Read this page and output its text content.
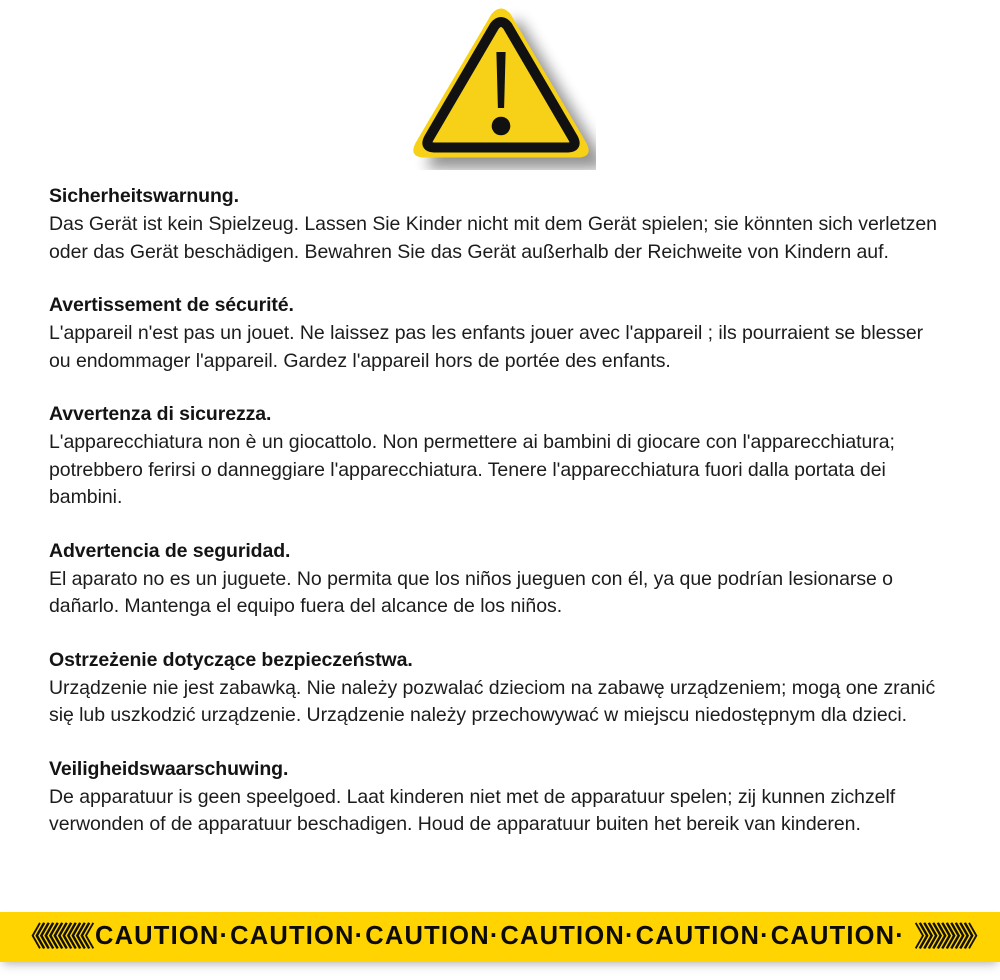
Sicherheitswarnung.

Das Gerät ist kein Spielzeug. Lassen Sie Kinder nicht mit dem Gerät spielen; sie könnten sich verletzen oder das Gerät beschädigen. Bewahren Sie das Gerät außerhalb der Reichweite von Kindern auf.

Avertissement de sécurité.

L'appareil n'est pas un jouet. Ne laissez pas les enfants jouer avec l'appareil ; ils pourraient se blesser ou endommager l'appareil. Gardez l'appareil hors de portée des enfants.

Avvertenza di sicurezza.

L'apparecchiatura non è un giocattolo. Non permettere ai bambini di giocare con l'apparecchiatura; potrebbero ferirsi o danneggiare l'apparecchiatura. Tenere l'apparecchiatura fuori dalla portata dei bambini.

Advertencia de seguridad.

El aparato no es un juguete. No permita que los niños jueguen con él, ya que podrían lesionarse o dañarlo. Mantenga el equipo fuera del alcance de los niños.

Ostrzeżenie dotyczące bezpieczeństwa.

Urządzenie nie jest zabawką. Nie należy pozwalać dzieciom na zabawę urządzeniem; mogą one zranić się lub uszkodzić urządzenie. Urządzenie należy przechowywać w miejscu niedostępnym dla dzieci.

Veiligheidswaarschuwing.

De apparatuur is geen speelgoed. Laat kinderen niet met de apparatuur spelen; zij kunnen zichzelf verwonden of de apparatuur beschadigen. Houd de apparatuur buiten het bereik van kinderen.

《《《《《《《《《《《《 CAUTION· CAUTION· CAUTION· CAUTION· CAUTION· CAUTION· 》》》》》》》》》》》》
